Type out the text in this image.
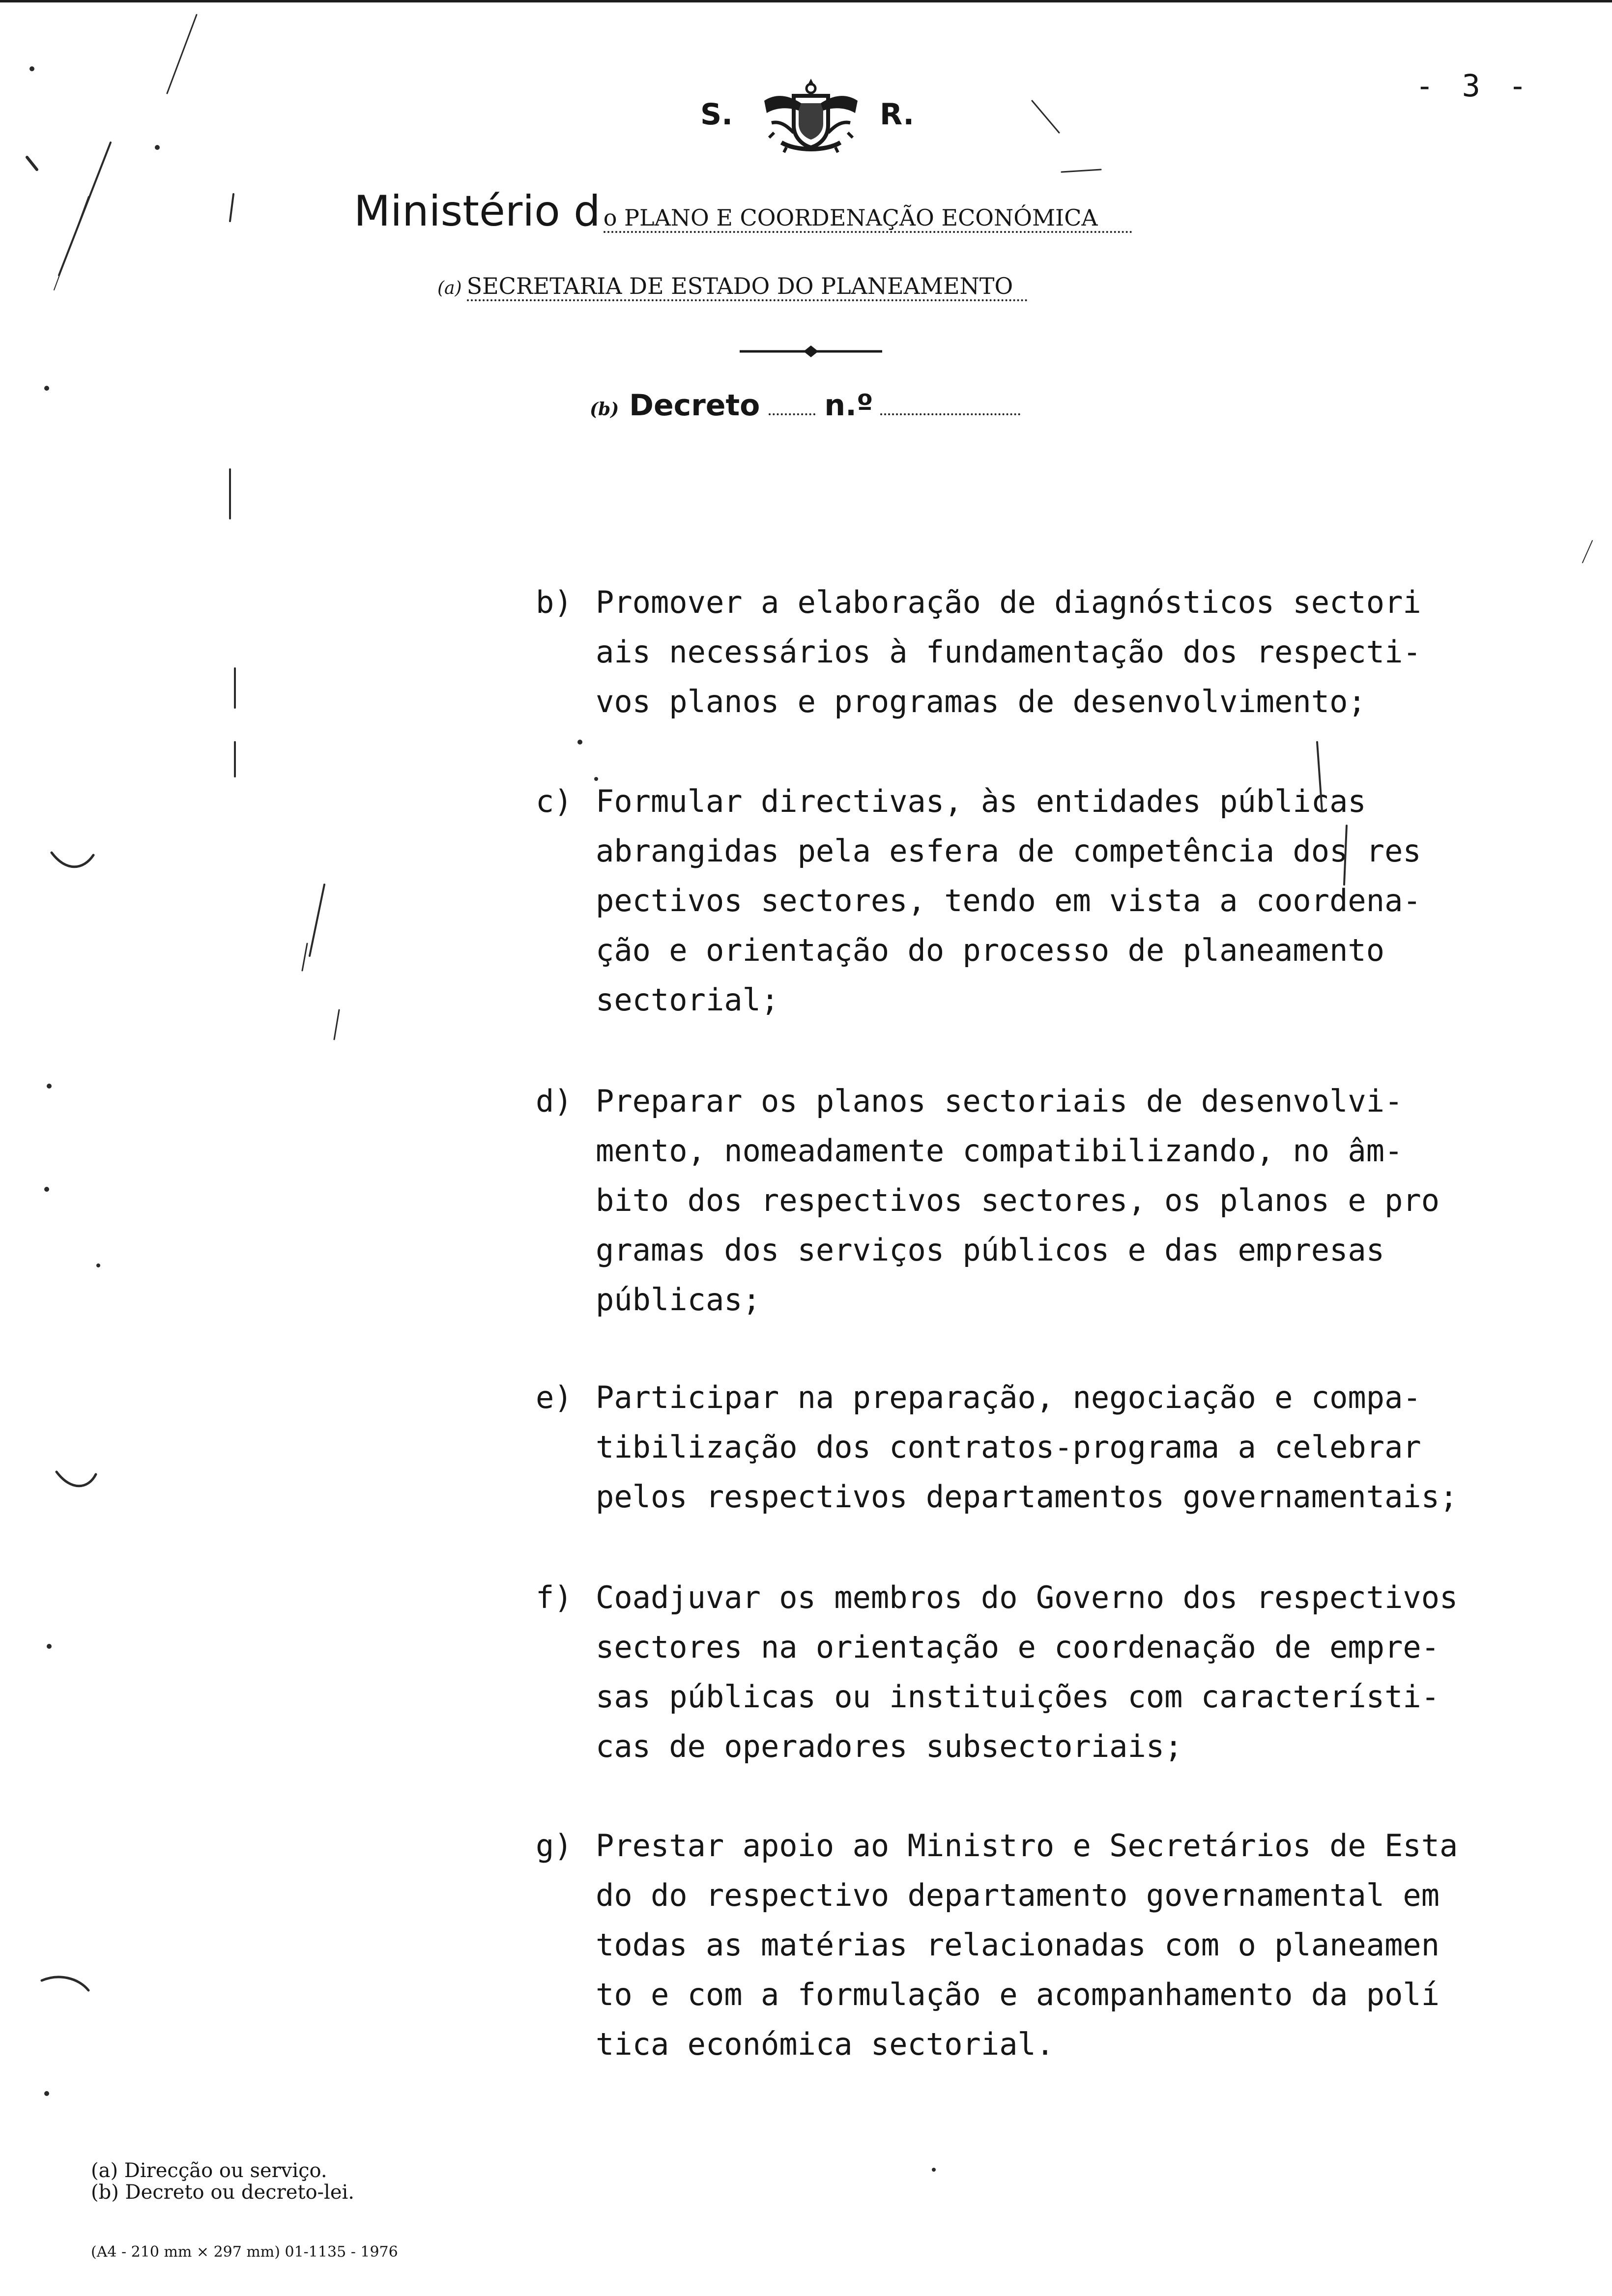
- 3 -
S.	R.
Ministério d o PLANO E COORDENAÇÃO ECONÓMICA
(a) SECRETARIA DE ESTADO DO PLANEAMENTO
(b) Decreto n.º
b) Promover a elaboração de diagnósticos sectori
ais necessários à fundamentação dos respecti-
vos planos e programas de desenvolvimento;
c) Formular directivas, às entidades públicas
abrangidas pela esfera de competência dos res
pectivos sectores, tendo em vista a coordena-
ção e orientação do processo de planeamento
sectorial;
d) Preparar os planos sectoriais de desenvolvi-
mento, nomeadamente compatibilizando, no âm-
bito dos respectivos sectores, os planos e pro
gramas dos serviços públicos e das empresas
públicas;
e) Participar na preparação, negociação e compa-
tibilização dos contratos-programa a celebrar
pelos respectivos departamentos governamentais;
f) Coadjuvar os membros do Governo dos respectivos
sectores na orientação e coordenação de empre-
sas públicas ou instituições com característi-
cas de operadores subsectoriais;
g) Prestar apoio ao Ministro e Secretários de Esta
do do respectivo departamento governamental em
todas as matérias relacionadas com o planeamen
to e com a formulação e acompanhamento da polí
tica económica sectorial.
(a) Direcção ou serviço.
(b) Decreto ou decreto-lei.
(A4 - 210 mm × 297 mm) 01-1135 - 1976
